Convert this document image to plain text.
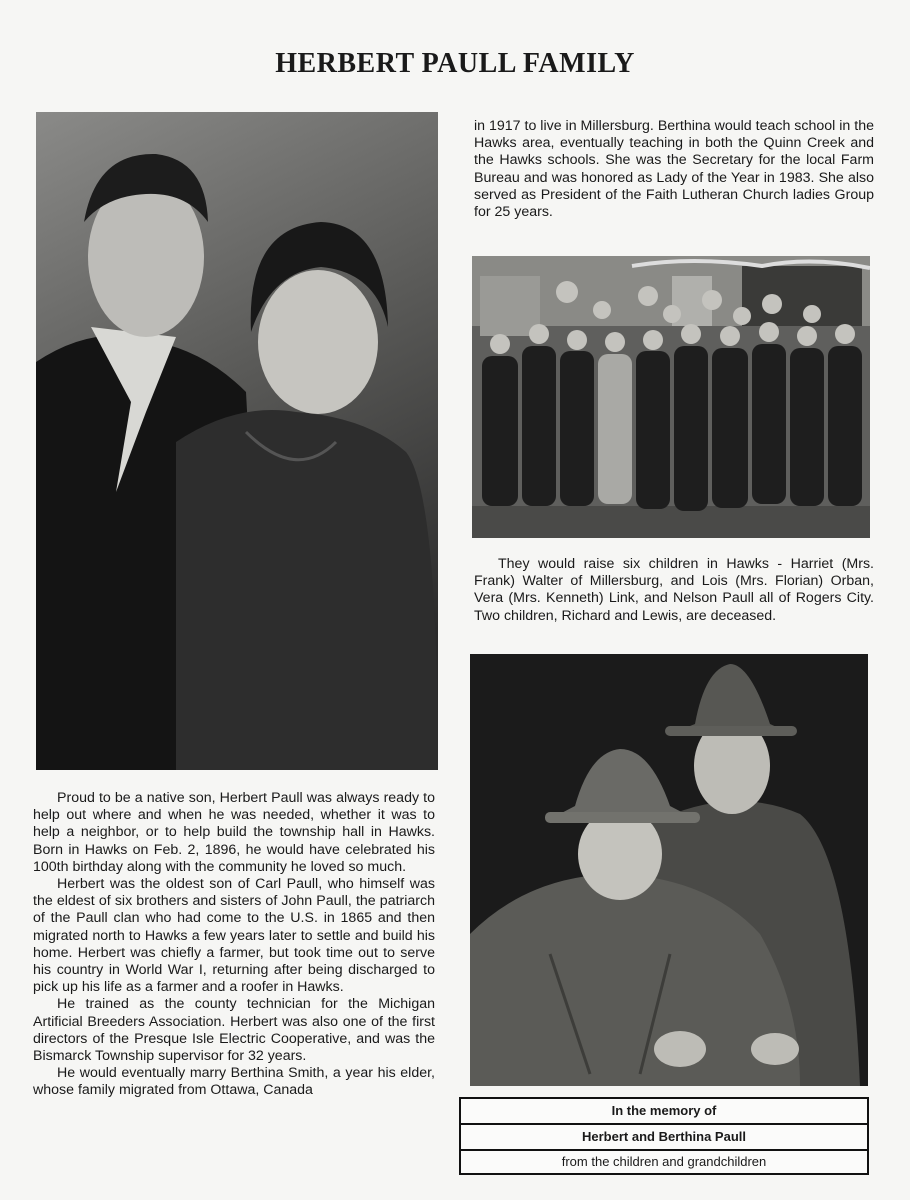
HERBERT PAULL FAMILY

in 1917 to live in Millersburg. Berthina would teach school in the Hawks area, eventually teaching in both the Quinn Creek and the Hawks schools. She was the Secretary for the local Farm Bureau and was honored as Lady of the Year in 1983. She also served as President of the Faith Lutheran Church ladies Group for 25 years.

They would raise six children in Hawks - Harriet (Mrs. Frank) Walter of Millersburg, and Lois (Mrs. Florian) Orban, Vera (Mrs. Kenneth) Link, and Nelson Paull all of Rogers City. Two children, Richard and Lewis, are deceased.

Proud to be a native son, Herbert Paull was always ready to help out where and when he was needed, whether it was to help a neighbor, or to help build the township hall in Hawks. Born in Hawks on Feb. 2, 1896, he would have celebrated his 100th birthday along with the community he loved so much.

Herbert was the oldest son of Carl Paull, who himself was the eldest of six brothers and sisters of John Paull, the patriarch of the Paull clan who had come to the U.S. in 1865 and then migrated north to Hawks a few years later to settle and build his home. Herbert was chiefly a farmer, but took time out to serve his country in World War I, returning after being discharged to pick up his life as a farmer and a roofer in Hawks.

He trained as the county technician for the Michigan Artificial Breeders Association. Herbert was also one of the first directors of the Presque Isle Electric Cooperative, and was the Bismarck Township supervisor for 32 years.

He would eventually marry Berthina Smith, a year his elder, whose family migrated from Ottawa, Canada

In the memory of
Herbert and Berthina Paull
from the children and grandchildren
